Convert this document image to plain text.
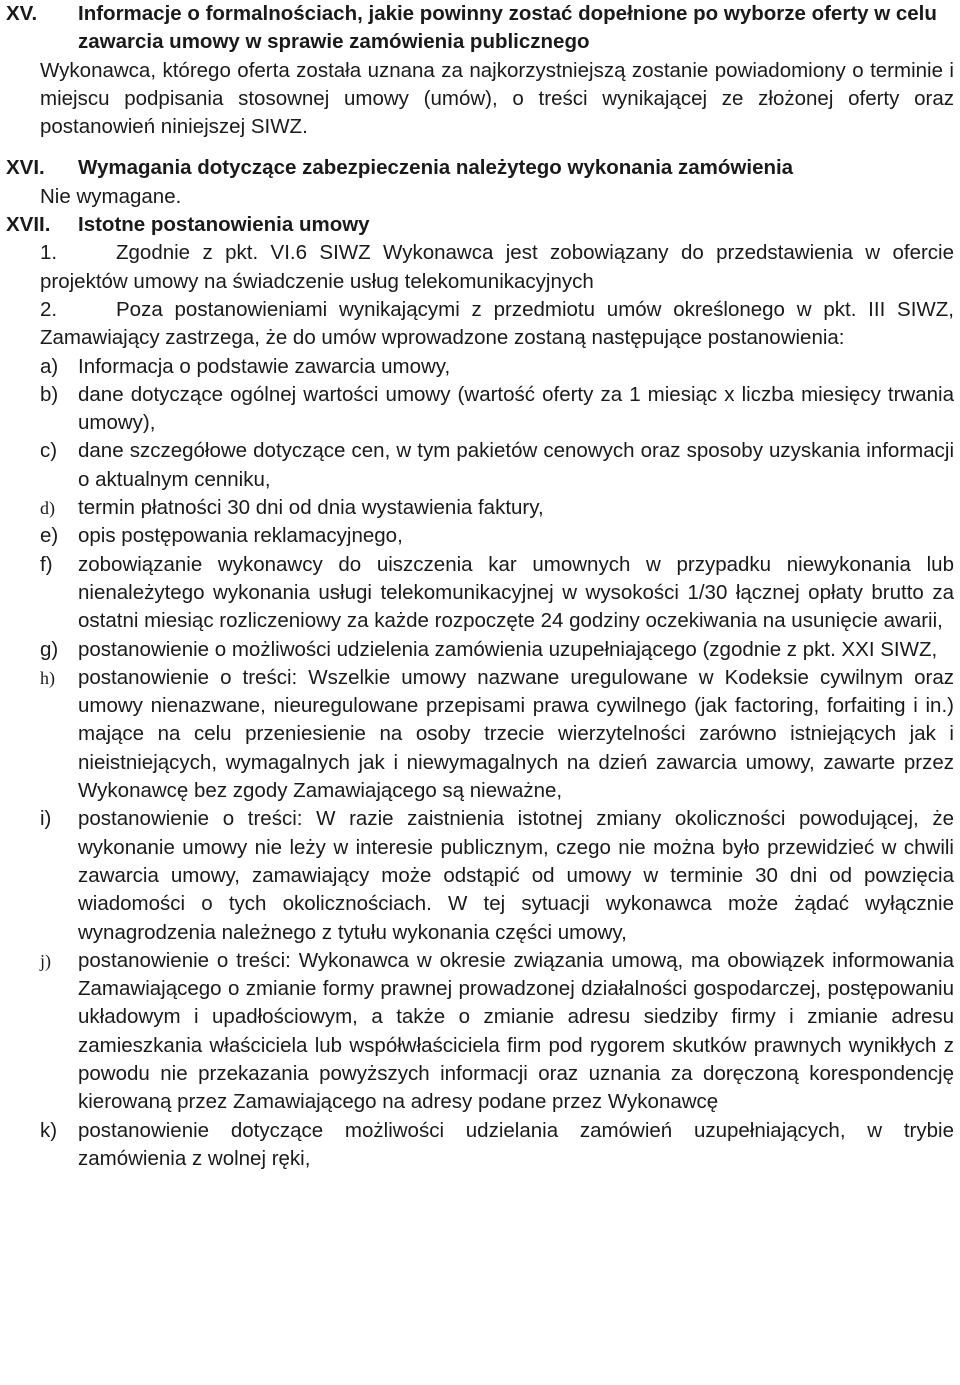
XV. Informacje o formalnościach, jakie powinny zostać dopełnione po wyborze oferty w celu zawarcia umowy w sprawie zamówienia publicznego
Wykonawca, którego oferta została uznana za najkorzystniejszą zostanie powiadomiony o terminie i miejscu podpisania stosownej umowy (umów), o treści wynikającej ze złożonej oferty oraz postanowień niniejszej SIWZ.
XVI. Wymagania dotyczące zabezpieczenia należytego wykonania zamówienia
Nie wymagane.
XVII. Istotne postanowienia umowy
1.	Zgodnie z pkt. VI.6 SIWZ Wykonawca jest zobowiązany do przedstawienia w ofercie projektów umowy na świadczenie usług telekomunikacyjnych
2.	Poza postanowieniami wynikającymi z przedmiotu umów określonego w pkt. III SIWZ, Zamawiający zastrzega, że do umów wprowadzone zostaną następujące postanowienia:
a) Informacja o podstawie zawarcia umowy,
b) dane dotyczące ogólnej wartości umowy (wartość oferty za 1 miesiąc x liczba miesięcy trwania umowy),
c) dane szczegółowe dotyczące cen, w tym pakietów cenowych oraz sposoby uzyskania informacji o aktualnym cenniku,
d) termin płatności 30 dni od dnia wystawienia faktury,
e) opis postępowania reklamacyjnego,
f) zobowiązanie wykonawcy do uiszczenia kar umownych w przypadku niewykonania lub nienależytego wykonania usługi telekomunikacyjnej w wysokości 1/30 łącznej opłaty brutto za ostatni miesiąc rozliczeniowy za każde rozpoczęte 24 godziny oczekiwania na usunięcie awarii,
g) postanowienie o możliwości udzielenia zamówienia uzupełniającego (zgodnie z pkt. XXI SIWZ,
h) postanowienie o treści: Wszelkie umowy nazwane uregulowane w Kodeksie cywilnym oraz umowy nienazwane, nieuregulowane przepisami prawa cywilnego (jak factoring, forfaiting i in.) mające na celu przeniesienie na osoby trzecie wierzytelności zarówno istniejących jak i nieistniejących, wymagalnych jak i niewymagalnych na dzień zawarcia umowy, zawarte przez Wykonawcę bez zgody Zamawiającego są nieważne,
i) postanowienie o treści: W razie zaistnienia istotnej zmiany okoliczności powodującej, że wykonanie umowy nie leży w interesie publicznym, czego nie można było przewidzieć w chwili zawarcia umowy, zamawiający może odstąpić od umowy w terminie 30 dni od powzięcia wiadomości o tych okolicznościach. W tej sytuacji wykonawca może żądać wyłącznie wynagrodzenia należnego z tytułu wykonania części umowy,
j) postanowienie o treści: Wykonawca w okresie związania umową, ma obowiązek informowania Zamawiającego o zmianie formy prawnej prowadzonej działalności gospodarczej, postępowaniu układowym i upadłościowym, a także o zmianie adresu siedziby firmy i zmianie adresu zamieszkania właściciela lub współwłaściciela firm pod rygorem skutków prawnych wynikłych z powodu nie przekazania powyższych informacji oraz uznania za doręczoną korespondencję kierowaną przez Zamawiającego na adresy podane przez Wykonawcę
k) postanowienie dotyczące możliwości udzielania zamówień uzupełniających, w trybie zamówienia z wolnej ręki,
